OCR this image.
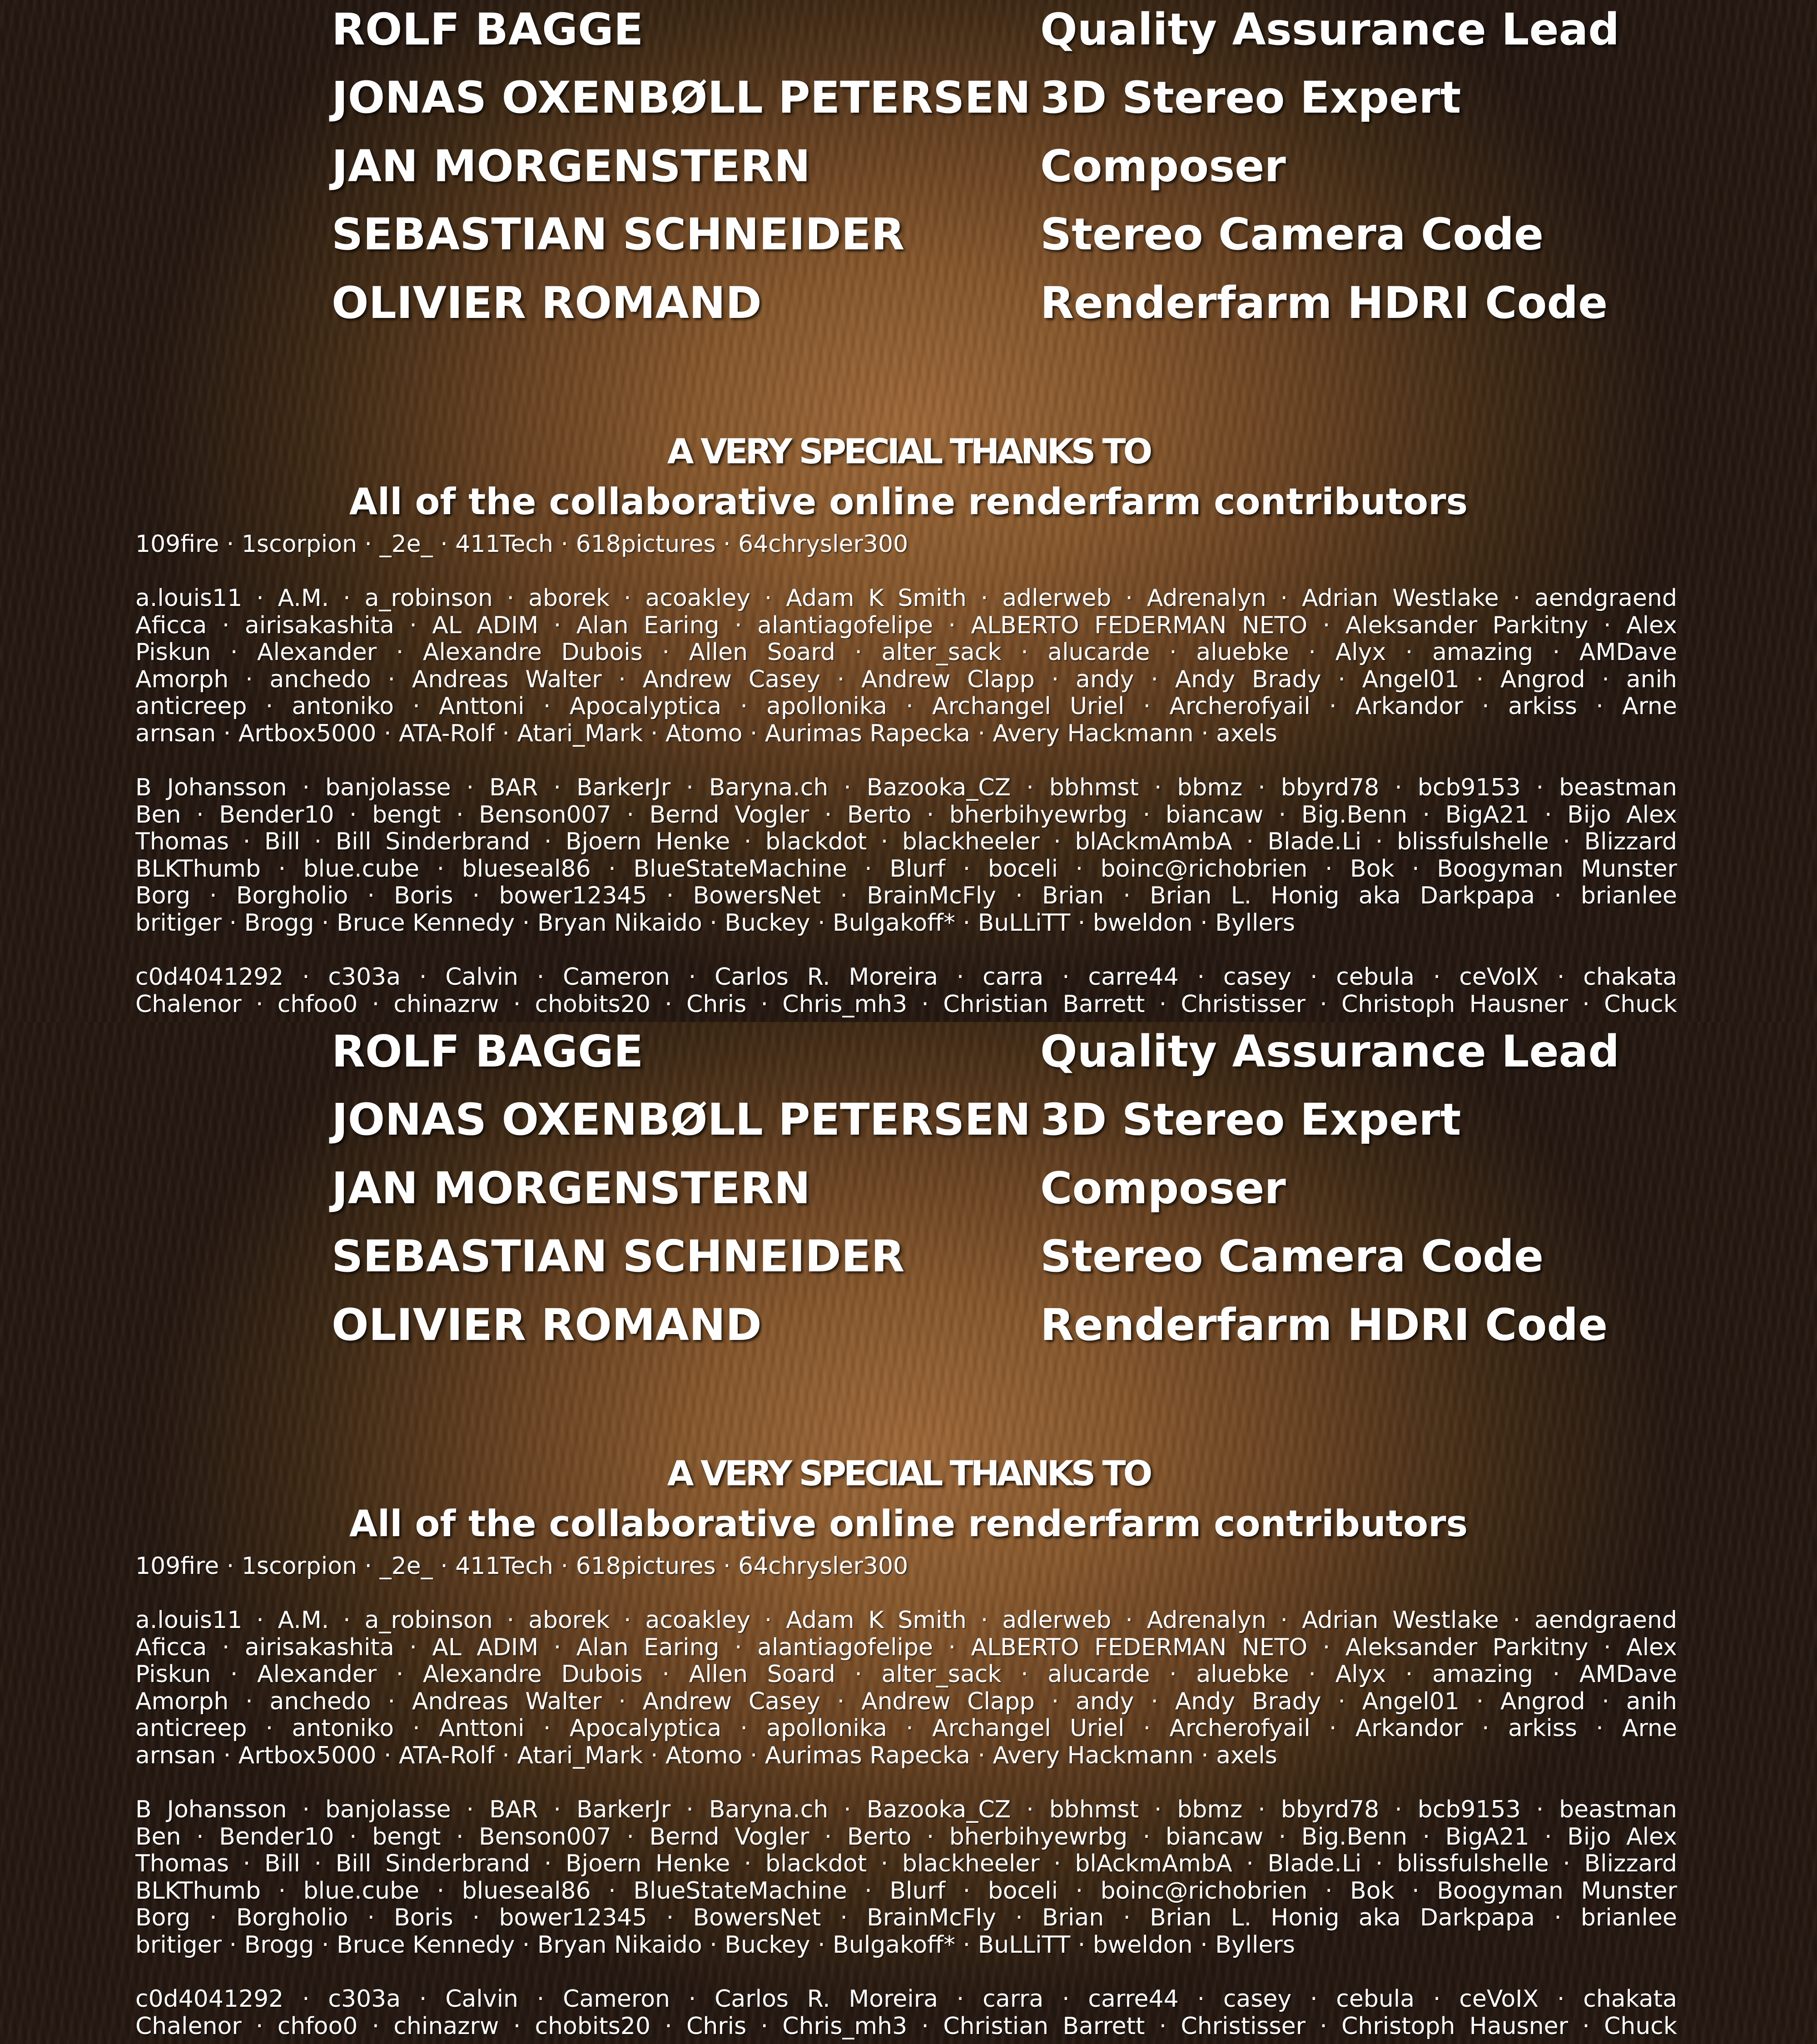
ROLF BAGGE	Quality Assurance Lead
JONAS OXENBØLL PETERSEN 3D Stereo Expert
JAN MORGENSTERN	Composer
SEBASTIAN SCHNEIDER	Stereo Camera Code
OLIVIER ROMAND	Renderfarm HDRI Code
A VERY SPECIAL THANKS TO
All of the collaborative online renderfarm contributors
109fire · 1scorpion · _2e_ · 411Tech · 618pictures · 64chrysler300
a.louis11 · A.M. · a_robinson · aborek · acoakley · Adam K Smith · adlerweb · Adrenalyn · Adrian Westlake · aendgraend
Aficca · airisakashita · AL ADIM · Alan Earing · alantiagofelipe · ALBERTO FEDERMAN NETO · Aleksander Parkitny · Alex
Piskun · Alexander · Alexandre Dubois · Allen Soard · alter_sack · alucarde · aluebke · Alyx · amazing · AMDave
Amorph · anchedo · Andreas Walter · Andrew Casey · Andrew Clapp · andy · Andy Brady · Angel01 · Angrod · anih
anticreep · antoniko · Anttoni · Apocalyptica · apollonika · Archangel Uriel · Archerofyail · Arkandor · arkiss · Arne
arnsan · Artbox5000 · ATA-Rolf · Atari_Mark · Atomo · Aurimas Rapecka · Avery Hackmann · axels
B Johansson · banjolasse · BAR · BarkerJr · Baryna.ch · Bazooka_CZ · bbhmst · bbmz · bbyrd78 · bcb9153 · beastman
Ben · Bender10 · bengt · Benson007 · Bernd Vogler · Berto · bherbihyewrbg · biancaw · Big.Benn · BigA21 · Bijo Alex
Thomas · Bill · Bill Sinderbrand · Bjoern Henke · blackdot · blackheeler · blAckmAmbA · Blade.Li · blissfulshelle · Blizzard
BLKThumb · blue.cube · blueseal86 · BlueStateMachine · Blurf · boceli · boinc@richobrien · Bok · Boogyman Munster
Borg · Borgholio · Boris · bower12345 · BowersNet · BrainMcFly · Brian · Brian L. Honig aka Darkpapa · brianlee
britiger · Brogg · Bruce Kennedy · Bryan Nikaido · Buckey · Bulgakoff* · BuLLiTT · bweldon · Byllers
c0d4041292 · c303a · Calvin · Cameron · Carlos R. Moreira · carra · carre44 · casey · cebula · ceVoIX · chakata
Chalenor · chfoo0 · chinazrw · chobits20 · Chris · Chris_mh3 · Christian Barrett · Christisser · Christoph Hausner · Chuck
ROLF BAGGE	Quality Assurance Lead
JONAS OXENBØLL PETERSEN 3D Stereo Expert
JAN MORGENSTERN	Composer
SEBASTIAN SCHNEIDER	Stereo Camera Code
OLIVIER ROMAND	Renderfarm HDRI Code
A VERY SPECIAL THANKS TO
All of the collaborative online renderfarm contributors
109fire · 1scorpion · _2e_ · 411Tech · 618pictures · 64chrysler300
a.louis11 · A.M. · a_robinson · aborek · acoakley · Adam K Smith · adlerweb · Adrenalyn · Adrian Westlake · aendgraend
Aficca · airisakashita · AL ADIM · Alan Earing · alantiagofelipe · ALBERTO FEDERMAN NETO · Aleksander Parkitny · Alex
Piskun · Alexander · Alexandre Dubois · Allen Soard · alter_sack · alucarde · aluebke · Alyx · amazing · AMDave
Amorph · anchedo · Andreas Walter · Andrew Casey · Andrew Clapp · andy · Andy Brady · Angel01 · Angrod · anih
anticreep · antoniko · Anttoni · Apocalyptica · apollonika · Archangel Uriel · Archerofyail · Arkandor · arkiss · Arne
arnsan · Artbox5000 · ATA-Rolf · Atari_Mark · Atomo · Aurimas Rapecka · Avery Hackmann · axels
B Johansson · banjolasse · BAR · BarkerJr · Baryna.ch · Bazooka_CZ · bbhmst · bbmz · bbyrd78 · bcb9153 · beastman
Ben · Bender10 · bengt · Benson007 · Bernd Vogler · Berto · bherbihyewrbg · biancaw · Big.Benn · BigA21 · Bijo Alex
Thomas · Bill · Bill Sinderbrand · Bjoern Henke · blackdot · blackheeler · blAckmAmbA · Blade.Li · blissfulshelle · Blizzard
BLKThumb · blue.cube · blueseal86 · BlueStateMachine · Blurf · boceli · boinc@richobrien · Bok · Boogyman Munster
Borg · Borgholio · Boris · bower12345 · BowersNet · BrainMcFly · Brian · Brian L. Honig aka Darkpapa · brianlee
britiger · Brogg · Bruce Kennedy · Bryan Nikaido · Buckey · Bulgakoff* · BuLLiTT · bweldon · Byllers
c0d4041292 · c303a · Calvin · Cameron · Carlos R. Moreira · carra · carre44 · casey · cebula · ceVoIX · chakata
Chalenor · chfoo0 · chinazrw · chobits20 · Chris · Chris_mh3 · Christian Barrett · Christisser · Christoph Hausner · Chuck
